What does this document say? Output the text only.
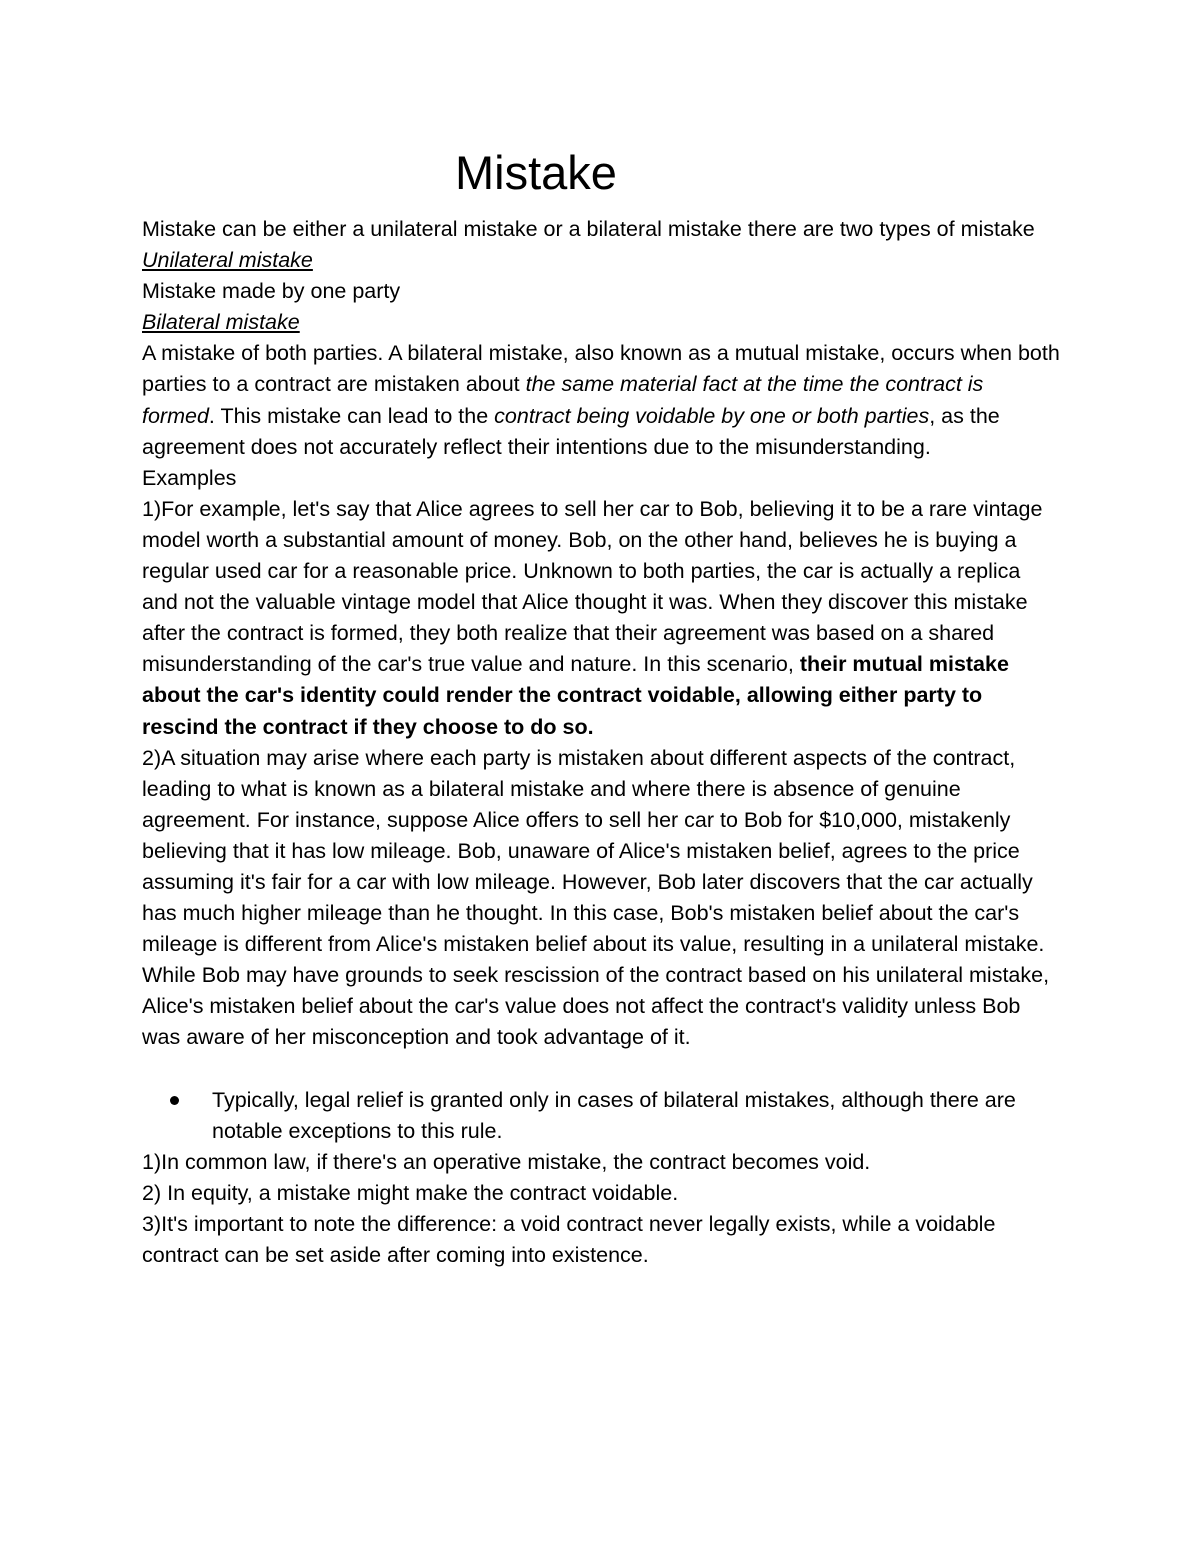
Mistake

Mistake can be either a unilateral mistake or a bilateral mistake there are two types of mistake

Unilateral mistake

Mistake made by one party

Bilateral mistake

A mistake of both parties. A bilateral mistake, also known as a mutual mistake, occurs when both parties to a contract are mistaken about the same material fact at the time the contract is formed. This mistake can lead to the contract being voidable by one or both parties, as the agreement does not accurately reflect their intentions due to the misunderstanding.

Examples

1)For example, let's say that Alice agrees to sell her car to Bob, believing it to be a rare vintage model worth a substantial amount of money. Bob, on the other hand, believes he is buying a regular used car for a reasonable price. Unknown to both parties, the car is actually a replica and not the valuable vintage model that Alice thought it was. When they discover this mistake after the contract is formed, they both realize that their agreement was based on a shared misunderstanding of the car's true value and nature. In this scenario, their mutual mistake about the car's identity could render the contract voidable, allowing either party to rescind the contract if they choose to do so.

2)A situation may arise where each party is mistaken about different aspects of the contract, leading to what is known as a bilateral mistake and where there is absence of genuine agreement. For instance, suppose Alice offers to sell her car to Bob for $10,000, mistakenly believing that it has low mileage. Bob, unaware of Alice's mistaken belief, agrees to the price assuming it's fair for a car with low mileage. However, Bob later discovers that the car actually has much higher mileage than he thought. In this case, Bob's mistaken belief about the car's mileage is different from Alice's mistaken belief about its value, resulting in a unilateral mistake. While Bob may have grounds to seek rescission of the contract based on his unilateral mistake, Alice's mistaken belief about the car's value does not affect the contract's validity unless Bob was aware of her misconception and took advantage of it.

Typically, legal relief is granted only in cases of bilateral mistakes, although there are notable exceptions to this rule.

1)In common law, if there's an operative mistake, the contract becomes void.

2) In equity, a mistake might make the contract voidable.

3)It's important to note the difference: a void contract never legally exists, while a voidable contract can be set aside after coming into existence.
